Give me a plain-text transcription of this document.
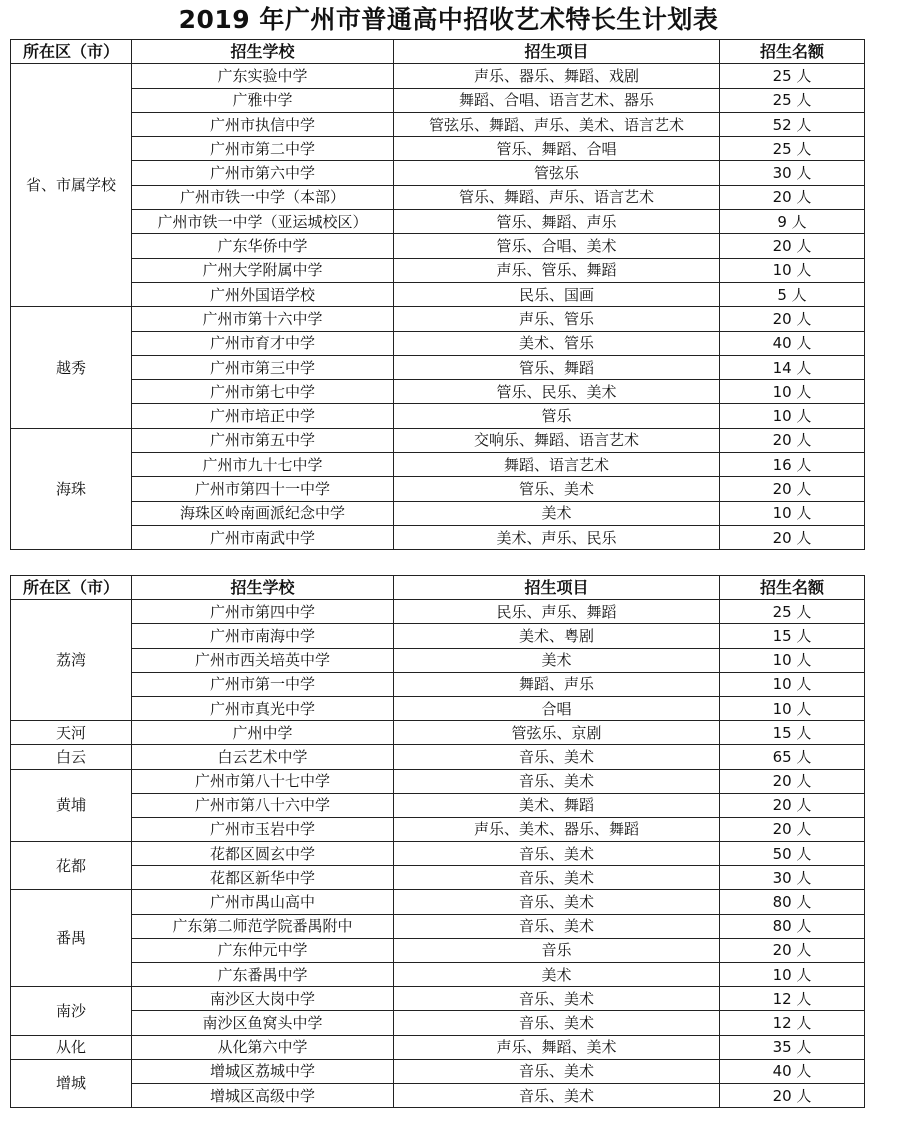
2019 年广州市普通高中招收艺术特长生计划表
所在区（市）	招生学校	招生项目	招生名额
省、市属学校	广东实验中学	声乐、器乐、舞蹈、戏剧	25 人
	广雅中学	舞蹈、合唱、语言艺术、器乐	25 人
	广州市执信中学	管弦乐、舞蹈、声乐、美术、语言艺术	52 人
	广州市第二中学	管乐、舞蹈、合唱	25 人
	广州市第六中学	管弦乐	30 人
	广州市铁一中学（本部）	管乐、舞蹈、声乐、语言艺术	20 人
	广州市铁一中学（亚运城校区）	管乐、舞蹈、声乐	9 人
	广东华侨中学	管乐、合唱、美术	20 人
	广州大学附属中学	声乐、管乐、舞蹈	10 人
	广州外国语学校	民乐、国画	5 人
越秀	广州市第十六中学	声乐、管乐	20 人
	广州市育才中学	美术、管乐	40 人
	广州市第三中学	管乐、舞蹈	14 人
	广州市第七中学	管乐、民乐、美术	10 人
	广州市培正中学	管乐	10 人
海珠	广州市第五中学	交响乐、舞蹈、语言艺术	20 人
	广州市九十七中学	舞蹈、语言艺术	16 人
	广州市第四十一中学	管乐、美术	20 人
	海珠区岭南画派纪念中学	美术	10 人
	广州市南武中学	美术、声乐、民乐	20 人
所在区（市）	招生学校	招生项目	招生名额
荔湾	广州市第四中学	民乐、声乐、舞蹈	25 人
	广州市南海中学	美术、粤剧	15 人
	广州市西关培英中学	美术	10 人
	广州市第一中学	舞蹈、声乐	10 人
	广州市真光中学	合唱	10 人
天河	广州中学	管弦乐、京剧	15 人
白云	白云艺术中学	音乐、美术	65 人
黄埔	广州市第八十七中学	音乐、美术	20 人
	广州市第八十六中学	美术、舞蹈	20 人
	广州市玉岩中学	声乐、美术、器乐、舞蹈	20 人
花都	花都区圆玄中学	音乐、美术	50 人
	花都区新华中学	音乐、美术	30 人
番禺	广州市禺山高中	音乐、美术	80 人
	广东第二师范学院番禺附中	音乐、美术	80 人
	广东仲元中学	音乐	20 人
	广东番禺中学	美术	10 人
南沙	南沙区大岗中学	音乐、美术	12 人
	南沙区鱼窝头中学	音乐、美术	12 人
从化	从化第六中学	声乐、舞蹈、美术	35 人
增城	增城区荔城中学	音乐、美术	40 人
	增城区高级中学	音乐、美术	20 人
